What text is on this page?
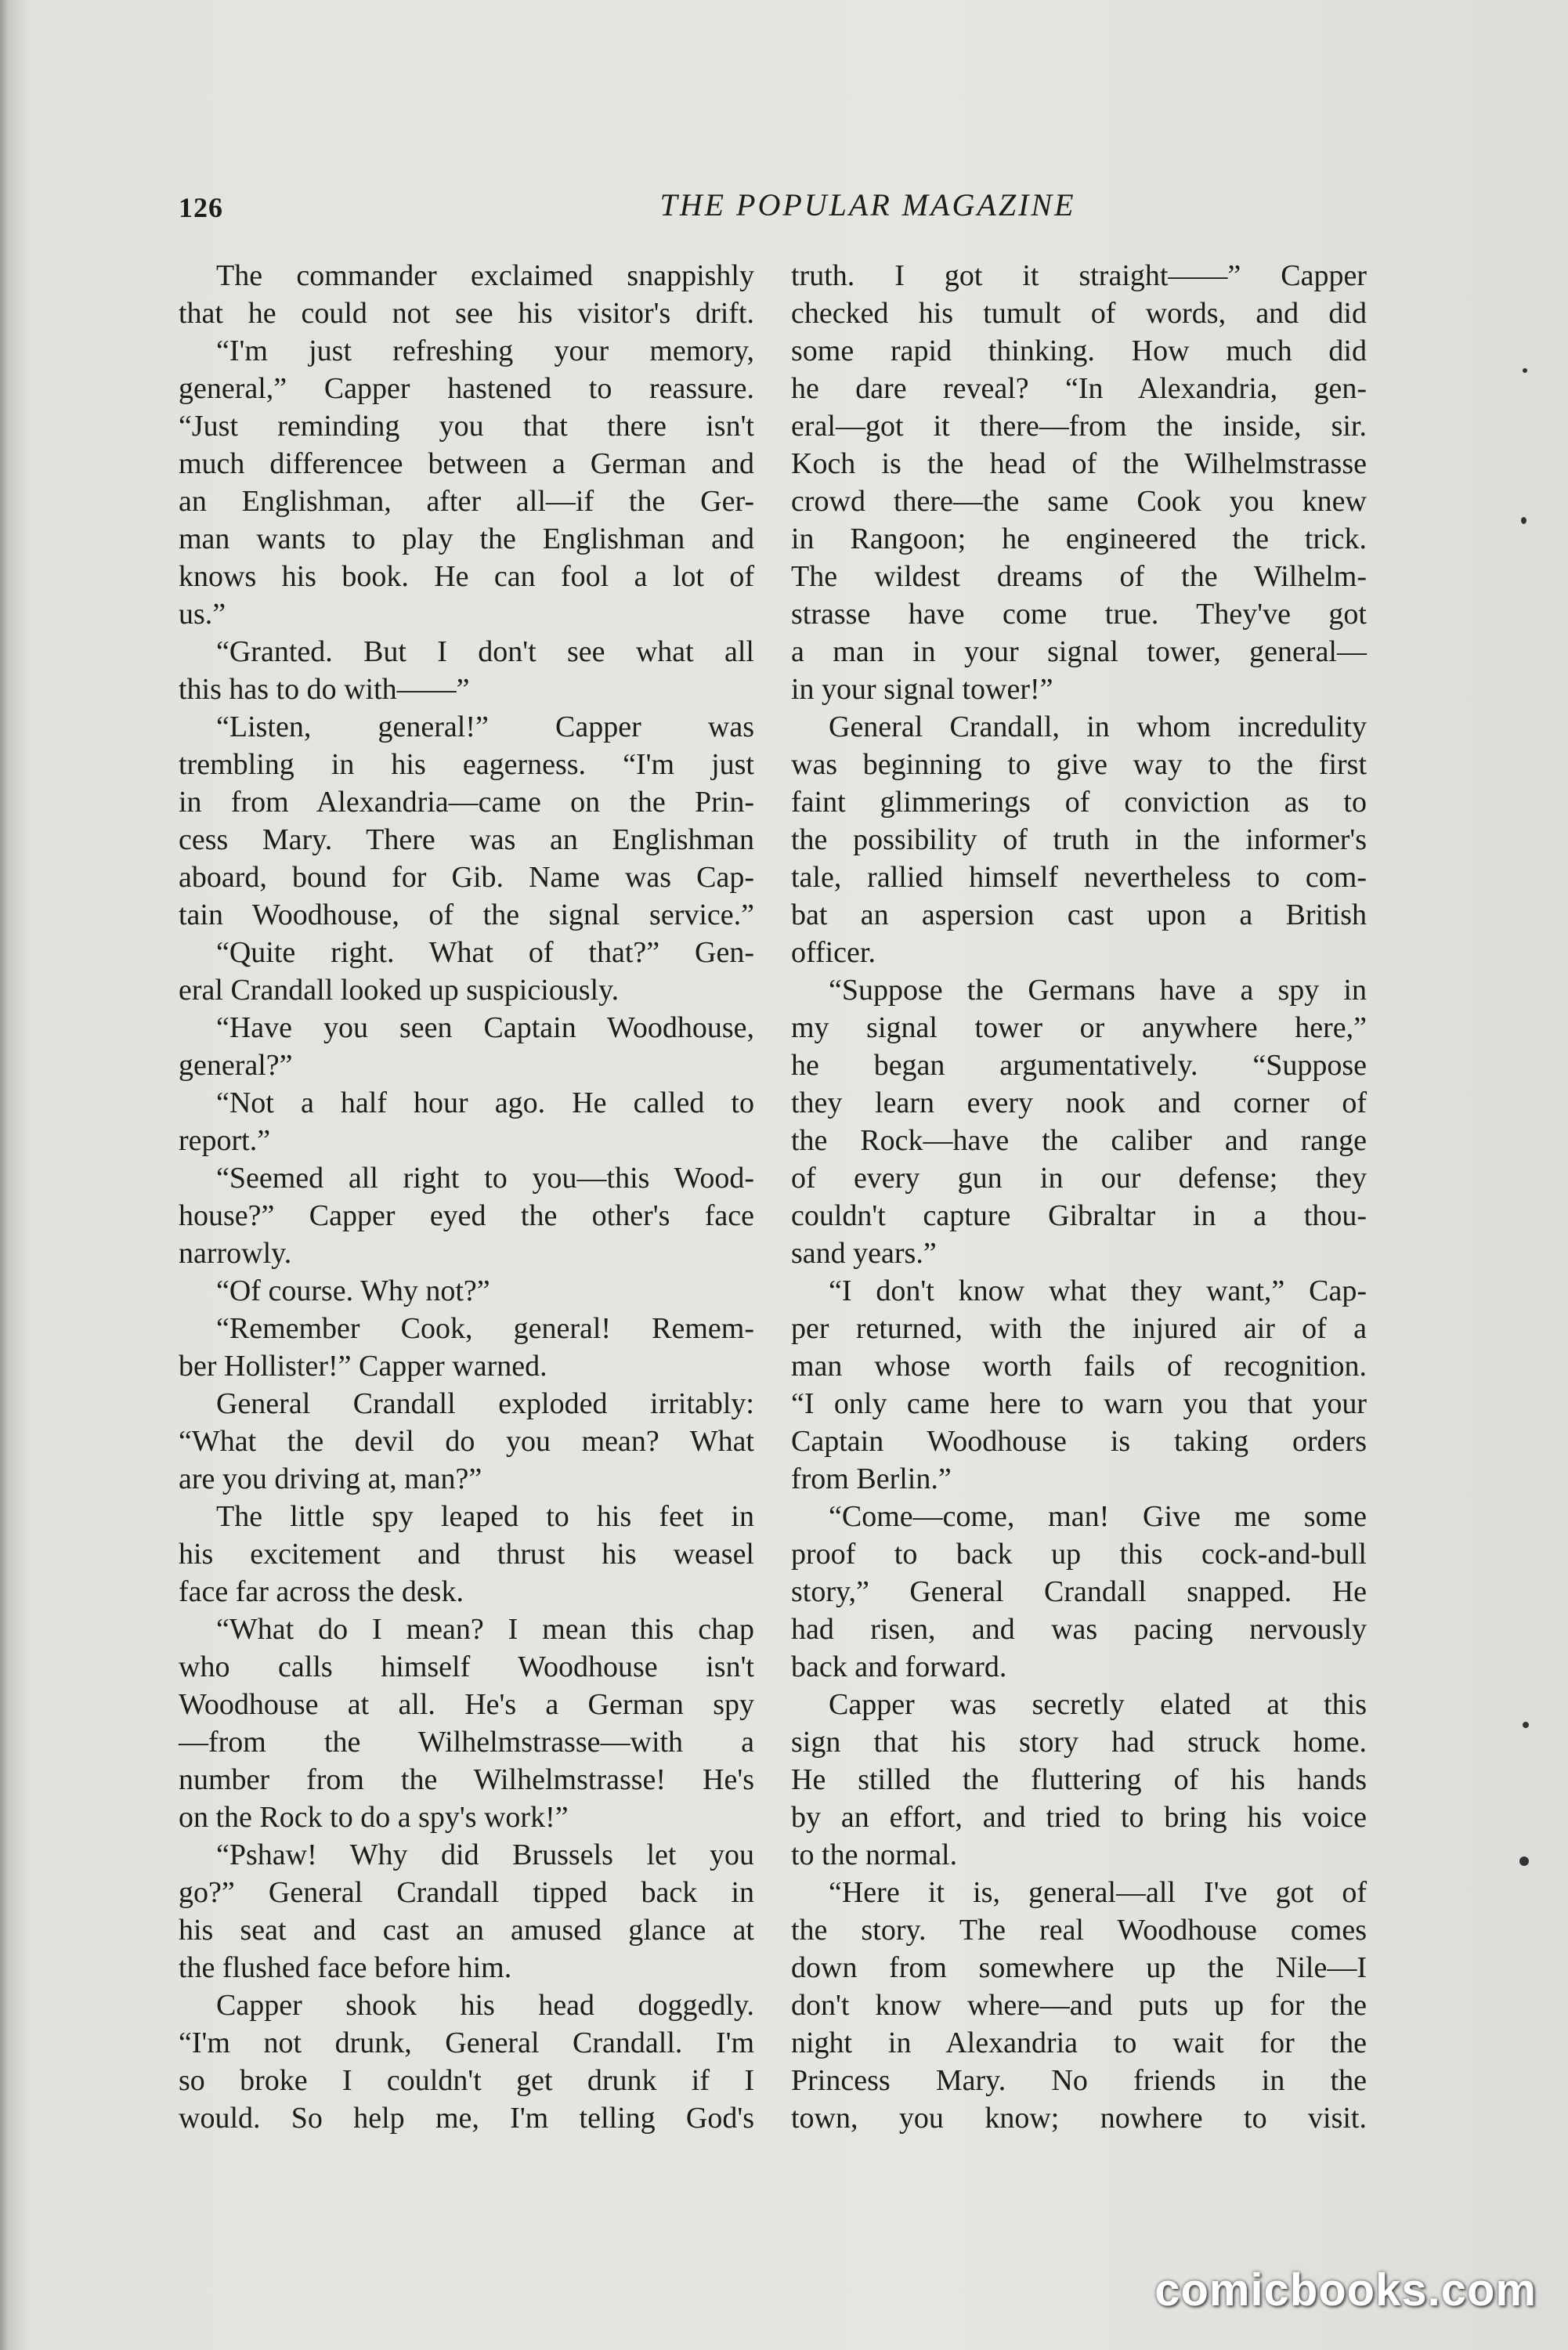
126	THE POPULAR MAGAZINE
The commander exclaimed snappishly
that he could not see his visitor's drift.
“I'm just refreshing your memory,
general,” Capper hastened to reassure.
“Just reminding you that there isn't
much differencee between a German and
an Englishman, after all—if the Ger-
man wants to play the Englishman and
knows his book. He can fool a lot of
us.”
“Granted. But I don't see what all
this has to do with——”
“Listen, general!” Capper was
trembling in his eagerness. “I'm just
in from Alexandria—came on the Prin-
cess Mary. There was an Englishman
aboard, bound for Gib. Name was Cap-
tain Woodhouse, of the signal service.”
“Quite right. What of that?” Gen-
eral Crandall looked up suspiciously.
“Have you seen Captain Woodhouse,
general?”
“Not a half hour ago. He called to
report.”
“Seemed all right to you—this Wood-
house?” Capper eyed the other's face
narrowly.
“Of course. Why not?”
“Remember Cook, general! Remem-
ber Hollister!” Capper warned.
General Crandall exploded irritably:
“What the devil do you mean? What
are you driving at, man?”
The little spy leaped to his feet in
his excitement and thrust his weasel
face far across the desk.
“What do I mean? I mean this chap
who calls himself Woodhouse isn't
Woodhouse at all. He's a German spy
—from the Wilhelmstrasse—with a
number from the Wilhelmstrasse! He's
on the Rock to do a spy's work!”
“Pshaw! Why did Brussels let you
go?” General Crandall tipped back in
his seat and cast an amused glance at
the flushed face before him.
Capper shook his head doggedly.
“I'm not drunk, General Crandall. I'm
so broke I couldn't get drunk if I
would. So help me, I'm telling God's
truth. I got it straight——” Capper
checked his tumult of words, and did
some rapid thinking. How much did
he dare reveal? “In Alexandria, gen-
eral—got it there—from the inside, sir.
Koch is the head of the Wilhelmstrasse
crowd there—the same Cook you knew
in Rangoon; he engineered the trick.
The wildest dreams of the Wilhelm-
strasse have come true. They've got
a man in your signal tower, general—
in your signal tower!”
General Crandall, in whom incredulity
was beginning to give way to the first
faint glimmerings of conviction as to
the possibility of truth in the informer's
tale, rallied himself nevertheless to com-
bat an aspersion cast upon a British
officer.
“Suppose the Germans have a spy in
my signal tower or anywhere here,”
he began argumentatively. “Suppose
they learn every nook and corner of
the Rock—have the caliber and range
of every gun in our defense; they
couldn't capture Gibraltar in a thou-
sand years.”
“I don't know what they want,” Cap-
per returned, with the injured air of a
man whose worth fails of recognition.
“I only came here to warn you that your
Captain Woodhouse is taking orders
from Berlin.”
“Come—come, man! Give me some
proof to back up this cock-and-bull
story,” General Crandall snapped. He
had risen, and was pacing nervously
back and forward.
Capper was secretly elated at this
sign that his story had struck home.
He stilled the fluttering of his hands
by an effort, and tried to bring his voice
to the normal.
“Here it is, general—all I've got of
the story. The real Woodhouse comes
down from somewhere up the Nile—I
don't know where—and puts up for the
night in Alexandria to wait for the
Princess Mary. No friends in the
town, you know; nowhere to visit.
comicbooks.com
